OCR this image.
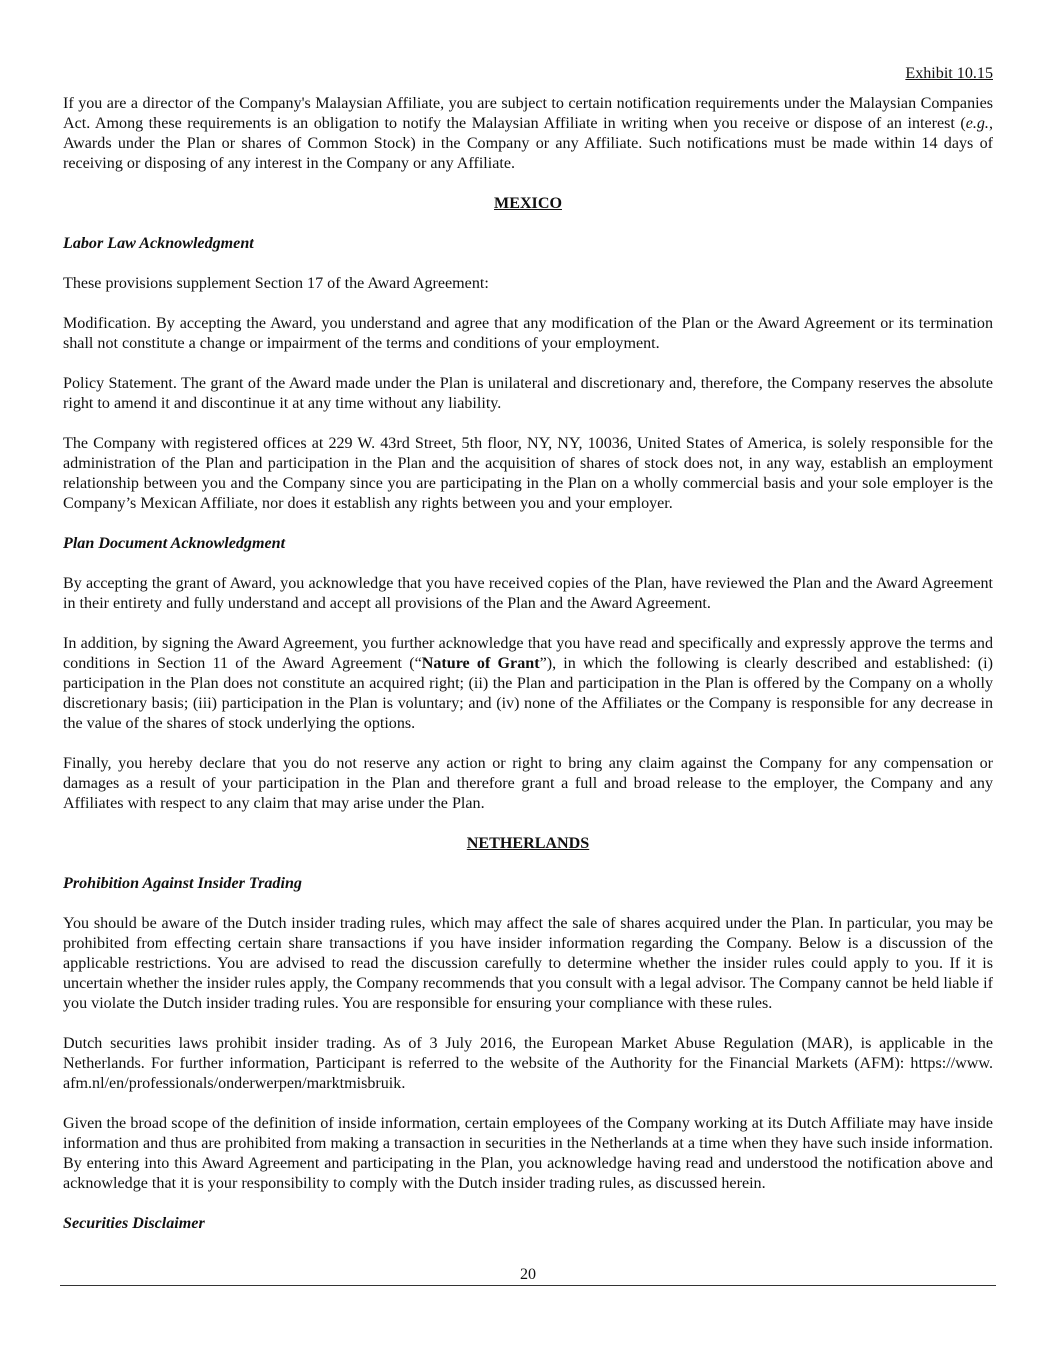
Exhibit 10.15

If you are a director of the Company's Malaysian Affiliate, you are subject to certain notification requirements under the Malaysian Companies Act. Among these requirements is an obligation to notify the Malaysian Affiliate in writing when you receive or dispose of an interest (e.g., Awards under the Plan or shares of Common Stock) in the Company or any Affiliate. Such notifications must be made within 14 days of receiving or disposing of any interest in the Company or any Affiliate.

MEXICO
Labor Law Acknowledgment

These provisions supplement Section 17 of the Award Agreement:

Modification. By accepting the Award, you understand and agree that any modification of the Plan or the Award Agreement or its termination shall not constitute a change or impairment of the terms and conditions of your employment.

Policy Statement. The grant of the Award made under the Plan is unilateral and discretionary and, therefore, the Company reserves the absolute right to amend it and discontinue it at any time without any liability.

The Company with registered offices at 229 W. 43rd Street, 5th floor, NY, NY, 10036, United States of America, is solely responsible for the administration of the Plan and participation in the Plan and the acquisition of shares of stock does not, in any way, establish an employment relationship between you and the Company since you are participating in the Plan on a wholly commercial basis and your sole employer is the Company’s Mexican Affiliate, nor does it establish any rights between you and your employer.

Plan Document Acknowledgment

By accepting the grant of Award, you acknowledge that you have received copies of the Plan, have reviewed the Plan and the Award Agreement in their entirety and fully understand and accept all provisions of the Plan and the Award Agreement.

In addition, by signing the Award Agreement, you further acknowledge that you have read and specifically and expressly approve the terms and conditions in Section 11 of the Award Agreement (“Nature of Grant”), in which the following is clearly described and established: (i) participation in the Plan does not constitute an acquired right; (ii) the Plan and participation in the Plan is offered by the Company on a wholly discretionary basis; (iii) participation in the Plan is voluntary; and (iv) none of the Affiliates or the Company is responsible for any decrease in the value of the shares of stock underlying the options.

Finally, you hereby declare that you do not reserve any action or right to bring any claim against the Company for any compensation or damages as a result of your participation in the Plan and therefore grant a full and broad release to the employer, the Company and any Affiliates with respect to any claim that may arise under the Plan.

NETHERLANDS
Prohibition Against Insider Trading

You should be aware of the Dutch insider trading rules, which may affect the sale of shares acquired under the Plan. In particular, you may be prohibited from effecting certain share transactions if you have insider information regarding the Company. Below is a discussion of the applicable restrictions. You are advised to read the discussion carefully to determine whether the insider rules could apply to you. If it is uncertain whether the insider rules apply, the Company recommends that you consult with a legal advisor. The Company cannot be held liable if you violate the Dutch insider trading rules. You are responsible for ensuring your compliance with these rules.

Dutch securities laws prohibit insider trading. As of 3 July 2016, the European Market Abuse Regulation (MAR), is applicable in the Netherlands. For further information, Participant is referred to the website of the Authority for the Financial Markets (AFM): https://www. afm.nl/en/professionals/onderwerpen/marktmisbruik.

Given the broad scope of the definition of inside information, certain employees of the Company working at its Dutch Affiliate may have inside information and thus are prohibited from making a transaction in securities in the Netherlands at a time when they have such inside information. By entering into this Award Agreement and participating in the Plan, you acknowledge having read and understood the notification above and acknowledge that it is your responsibility to comply with the Dutch insider trading rules, as discussed herein.

Securities Disclaimer
20
